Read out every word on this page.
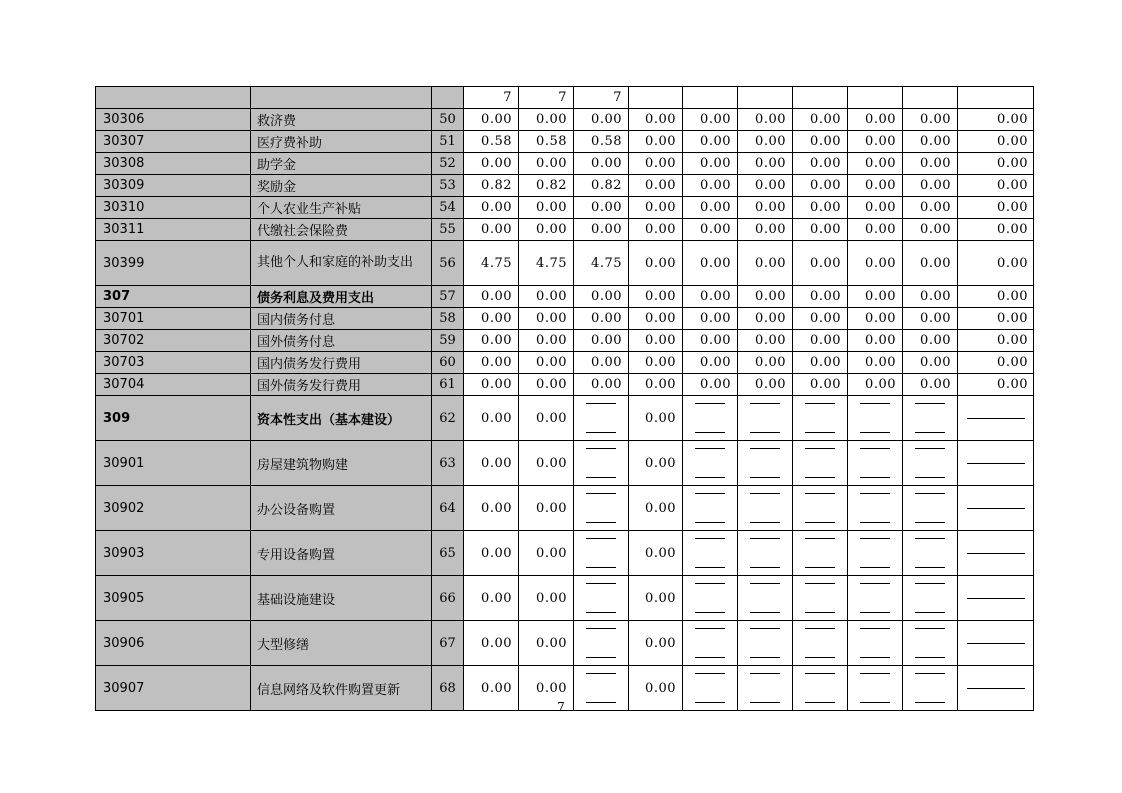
			7	7	7							
30306	救济费	50	0.00	0.00	0.00	0.00	0.00	0.00	0.00	0.00	0.00	0.00
30307	医疗费补助	51	0.58	0.58	0.58	0.00	0.00	0.00	0.00	0.00	0.00	0.00
30308	助学金	52	0.00	0.00	0.00	0.00	0.00	0.00	0.00	0.00	0.00	0.00
30309	奖励金	53	0.82	0.82	0.82	0.00	0.00	0.00	0.00	0.00	0.00	0.00
30310	个人农业生产补贴	54	0.00	0.00	0.00	0.00	0.00	0.00	0.00	0.00	0.00	0.00
30311	代缴社会保险费	55	0.00	0.00	0.00	0.00	0.00	0.00	0.00	0.00	0.00	0.00
30399	其他个人和家庭的补助支出	56	4.75	4.75	4.75	0.00	0.00	0.00	0.00	0.00	0.00	0.00
307	债务利息及费用支出	57	0.00	0.00	0.00	0.00	0.00	0.00	0.00	0.00	0.00	0.00
30701	国内债务付息	58	0.00	0.00	0.00	0.00	0.00	0.00	0.00	0.00	0.00	0.00
30702	国外债务付息	59	0.00	0.00	0.00	0.00	0.00	0.00	0.00	0.00	0.00	0.00
30703	国内债务发行费用	60	0.00	0.00	0.00	0.00	0.00	0.00	0.00	0.00	0.00	0.00
30704	国外债务发行费用	61	0.00	0.00	0.00	0.00	0.00	0.00	0.00	0.00	0.00	0.00
309	资本性支出（基本建设）	62	0.00	0.00		0.00	

30901	房屋建筑物购建	63	0.00	0.00		0.00	

30902	办公设备购置	64	0.00	0.00		0.00	

30903	专用设备购置	65	0.00	0.00		0.00	

30905	基础设施建设	66	0.00	0.00		0.00	

30906	大型修缮	67	0.00	0.00		0.00	

30907	信息网络及软件购置更新	68	0.00	0.00		0.00	

7
